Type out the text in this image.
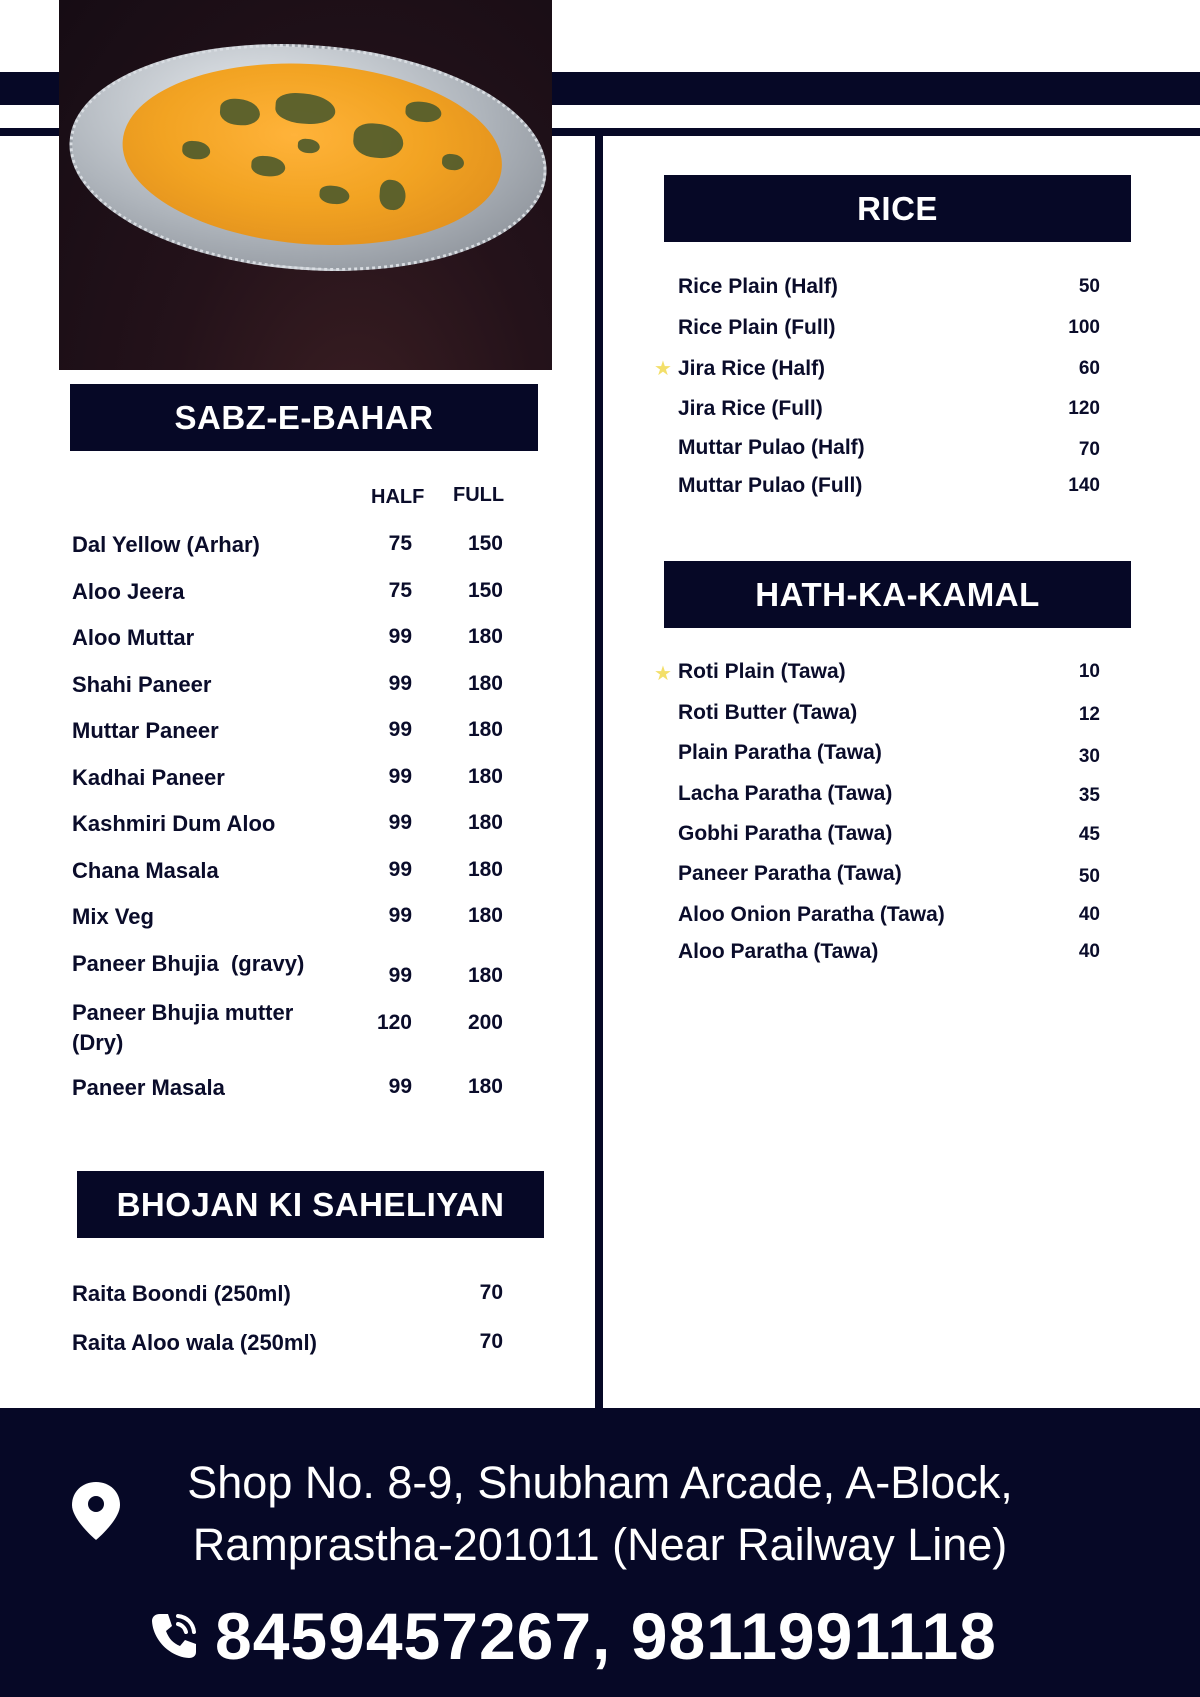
SABZ-E-BAHAR
HALF FULL
Dal Yellow (Arhar)	75	150
Aloo Jeera	75	150
Aloo Muttar	99	180
Shahi Paneer	99	180
Muttar Paneer	99	180
Kadhai Paneer	99	180
Kashmiri Dum Aloo	99	180
Chana Masala	99	180
Mix Veg	99	180
Paneer Bhujia  (gravy)	99	180
Paneer Bhujia mutter
(Dry)
120	200
Paneer Masala	99	180
BHOJAN KI SAHELIYAN
Raita Boondi (250ml)	70
Raita Aloo wala (250ml)	70
RICE
Rice Plain (Half)	50
Rice Plain (Full)	100
★ Jira Rice (Half)	60
Jira Rice (Full)	120
Muttar Pulao (Half)	70
Muttar Pulao (Full)	140
HATH-KA-KAMAL
★ Roti Plain (Tawa)	10
Roti Butter (Tawa)	12
Plain Paratha (Tawa)	30
Lacha Paratha (Tawa)	35
Gobhi Paratha (Tawa)	45
Paneer Paratha (Tawa)	50
Aloo Onion Paratha (Tawa)	40
Aloo Paratha (Tawa)	40
Shop No. 8-9, Shubham Arcade, A-Block,
Ramprastha-201011 (Near Railway Line)
8459457267, 9811991118
